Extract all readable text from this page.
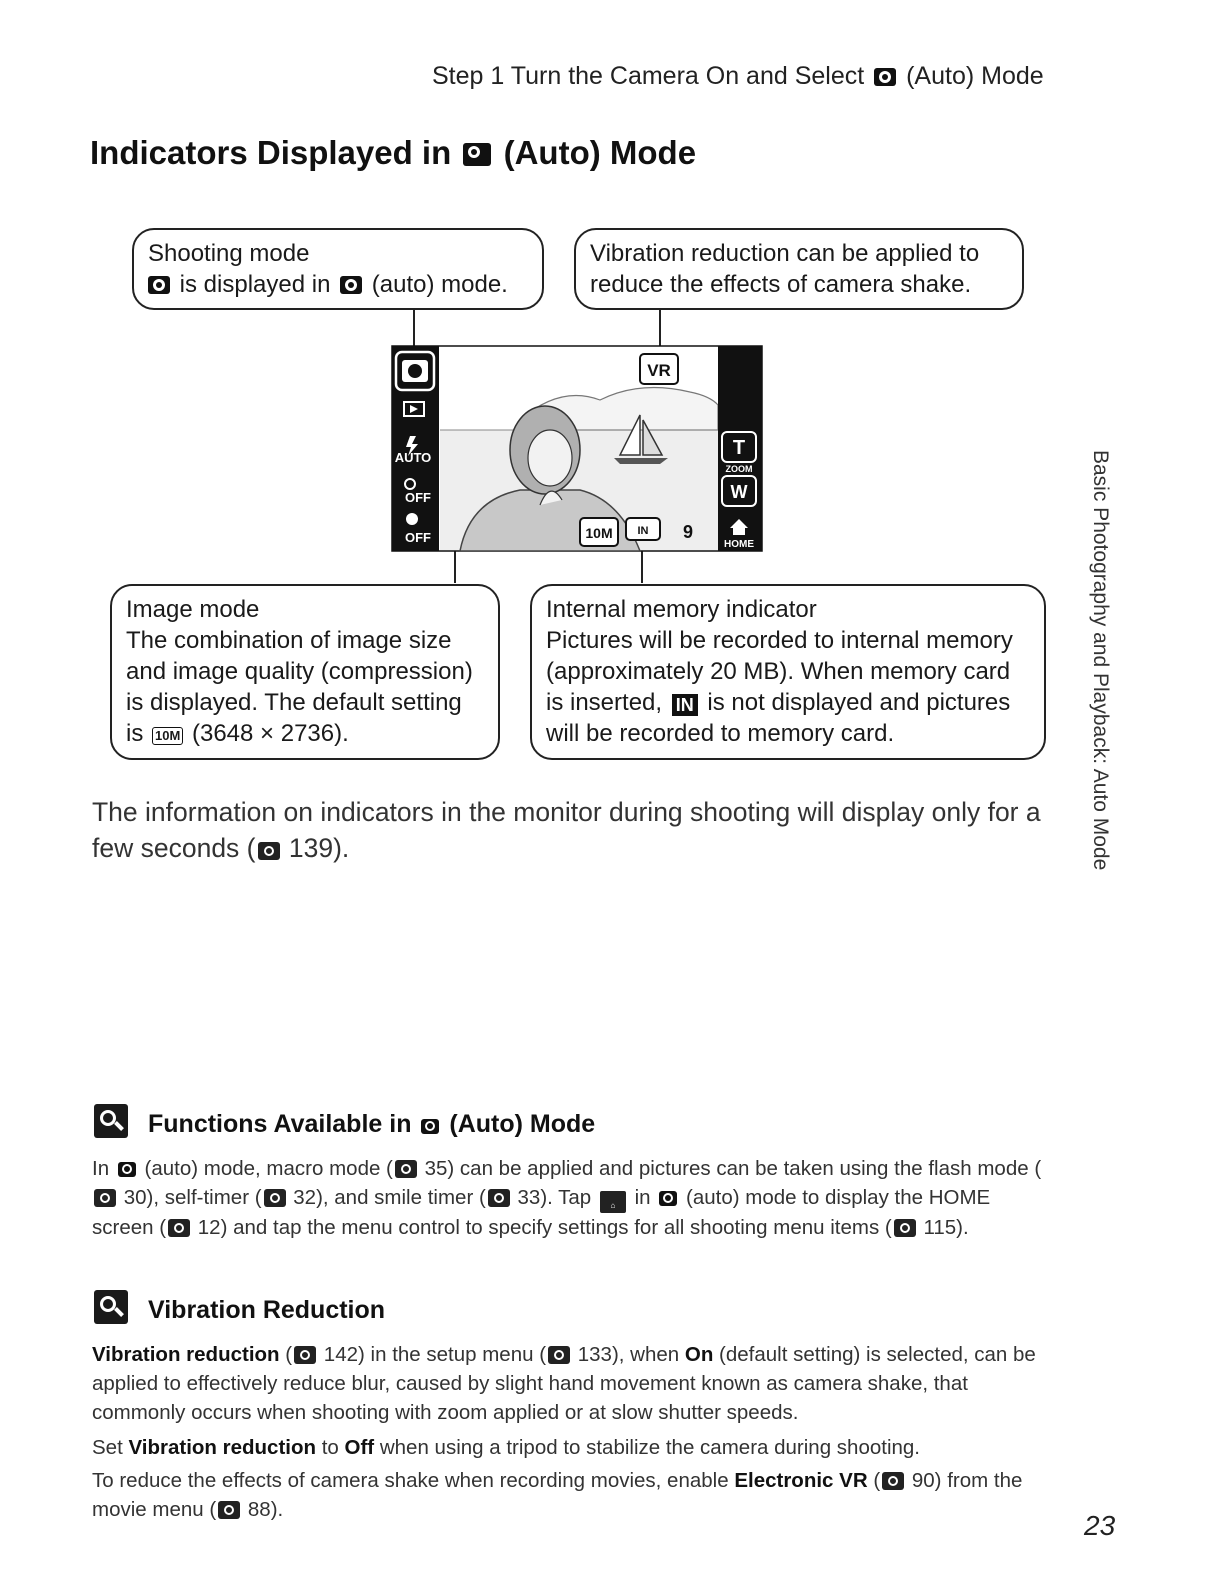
Step 1 Turn the Camera On and Select (Auto) Mode
Indicators Displayed in (Auto) Mode
Shooting mode
is displayed in (auto) mode.
Vibration reduction can be applied to
reduce the effects of camera shake.
AUTO
OFF
OFF
T
ZOOM
W
HOME
VR
10M IN 9
Image mode
The combination of image size
and image quality (compression)
is displayed. The default setting
is 10M (3648 × 2736).
Internal memory indicator
Pictures will be recorded to internal memory
(approximately 20 MB). When memory card
is inserted, IN is not displayed and pictures
will be recorded to memory card.
The information on indicators in the monitor during shooting will display only for a few seconds ( 139).	Basic Photography and Playback: Auto Mode
Functions Available in (Auto) Mode
In (auto) mode, macro mode ( 35) can be applied and pictures can be taken using the flash mode ( 30), self-timer ( 32), and smile timer ( 33). Tap ⌂ in (auto) mode to display the HOME screen ( 12) and tap the menu control to specify settings for all shooting menu items ( 115).
Vibration Reduction
Vibration reduction ( 142) in the setup menu ( 133), when On (default setting) is selected, can be applied to effectively reduce blur, caused by slight hand movement known as camera shake, that commonly occurs when shooting with zoom applied or at slow shutter speeds.
Set Vibration reduction to Off when using a tripod to stabilize the camera during shooting.
To reduce the effects of camera shake when recording movies, enable Electronic VR ( 90) from the movie menu ( 88).
23
